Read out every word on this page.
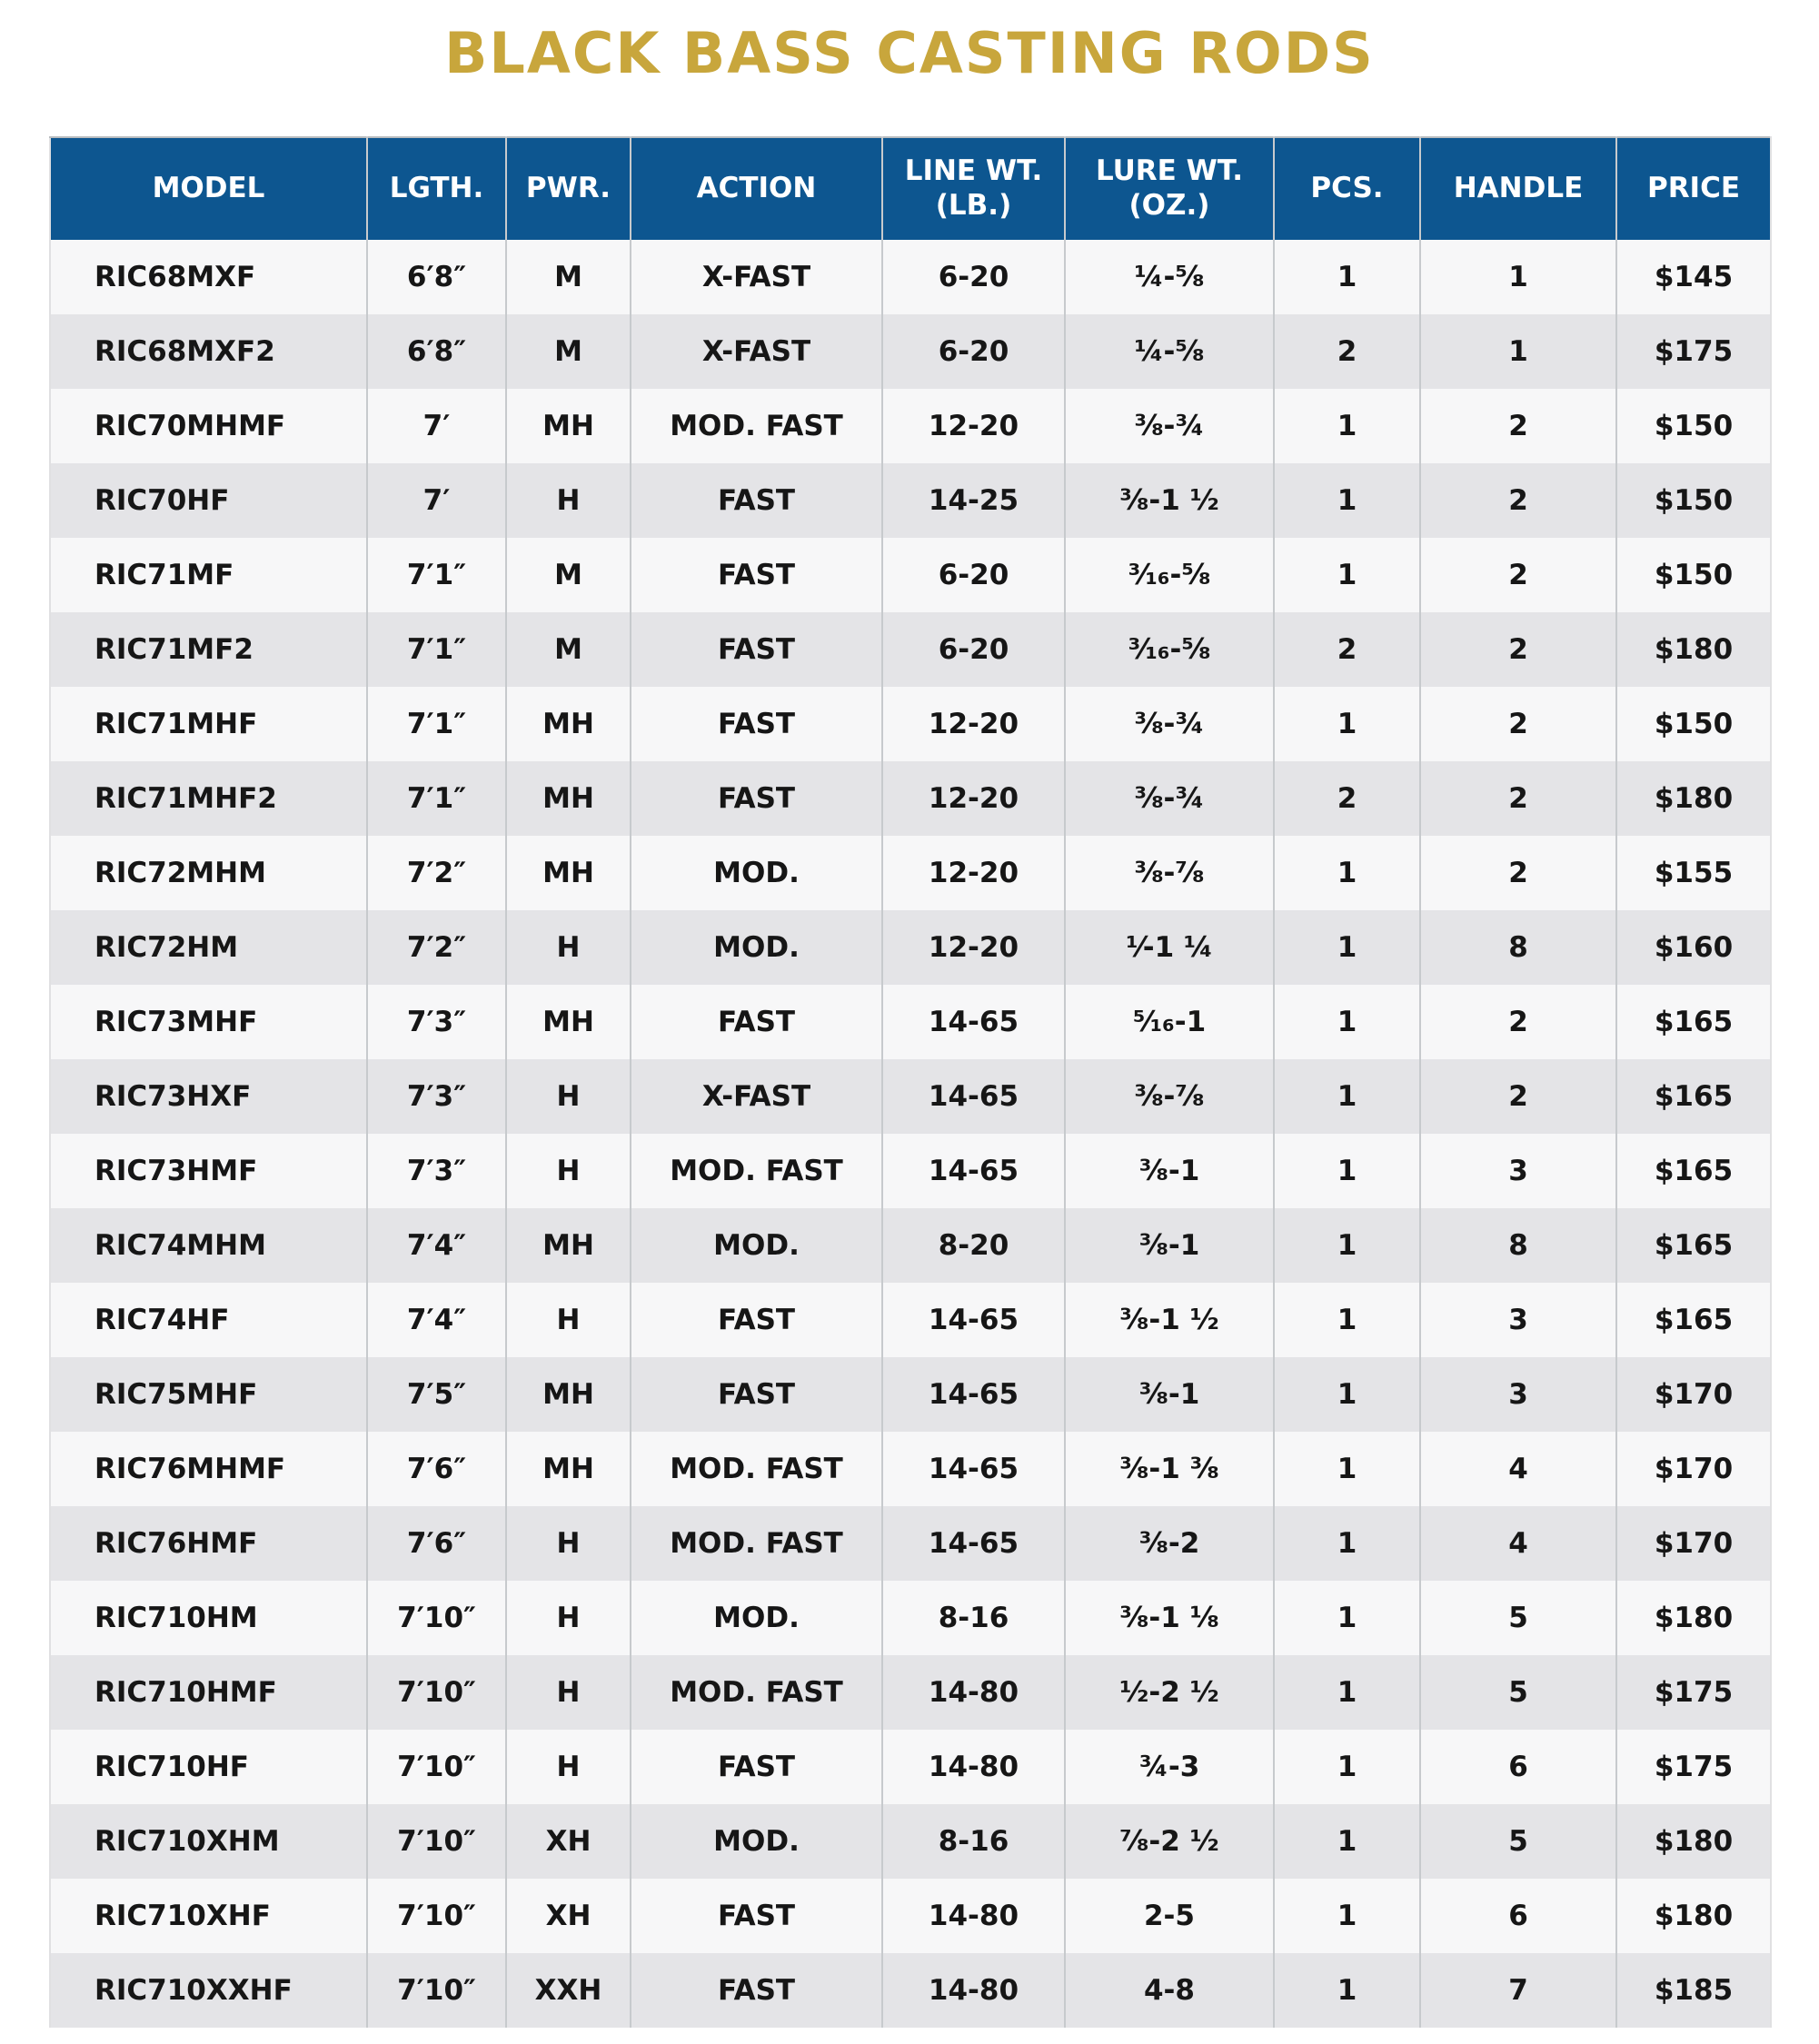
BLACK BASS CASTING RODS
MODEL	LGTH.	PWR.	ACTION	LINE WT. (LB.)	LURE WT. (OZ.)	PCS.	HANDLE	PRICE
RIC68MXF	6′8″	M	X-FAST	6-20	¼-⅝	1	1	$145
RIC68MXF2	6′8″	M	X-FAST	6-20	¼-⅝	2	1	$175
RIC70MHMF	7′	MH	MOD. FAST	12-20	⅜-¾	1	2	$150
RIC70HF	7′	H	FAST	14-25	⅜-1 ½	1	2	$150
RIC71MF	7′1″	M	FAST	6-20	³⁄₁₆-⅝	1	2	$150
RIC71MF2	7′1″	M	FAST	6-20	³⁄₁₆-⅝	2	2	$180
RIC71MHF	7′1″	MH	FAST	12-20	⅜-¾	1	2	$150
RIC71MHF2	7′1″	MH	FAST	12-20	⅜-¾	2	2	$180
RIC72MHM	7′2″	MH	MOD.	12-20	⅜-⅞	1	2	$155
RIC72HM	7′2″	H	MOD.	12-20	¹⁄-1 ¼	1	8	$160
RIC73MHF	7′3″	MH	FAST	14-65	⁵⁄₁₆-1	1	2	$165
RIC73HXF	7′3″	H	X-FAST	14-65	⅜-⅞	1	2	$165
RIC73HMF	7′3″	H	MOD. FAST	14-65	⅜-1	1	3	$165
RIC74MHM	7′4″	MH	MOD.	8-20	⅜-1	1	8	$165
RIC74HF	7′4″	H	FAST	14-65	⅜-1 ½	1	3	$165
RIC75MHF	7′5″	MH	FAST	14-65	⅜-1	1	3	$170
RIC76MHMF	7′6″	MH	MOD. FAST	14-65	⅜-1 ⅜	1	4	$170
RIC76HMF	7′6″	H	MOD. FAST	14-65	⅜-2	1	4	$170
RIC710HM	7′10″	H	MOD.	8-16	⅜-1 ⅛	1	5	$180
RIC710HMF	7′10″	H	MOD. FAST	14-80	½-2 ½	1	5	$175
RIC710HF	7′10″	H	FAST	14-80	¾-3	1	6	$175
RIC710XHM	7′10″	XH	MOD.	8-16	⅞-2 ½	1	5	$180
RIC710XHF	7′10″	XH	FAST	14-80	2-5	1	6	$180
RIC710XXHF	7′10″	XXH	FAST	14-80	4-8	1	7	$185
